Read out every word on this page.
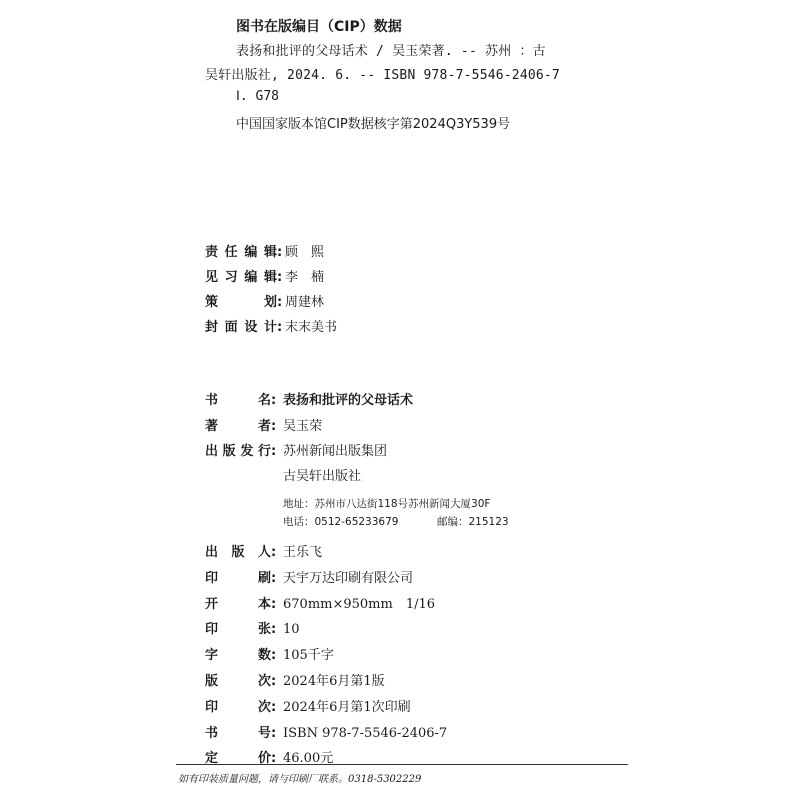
图书在版编目（CIP）数据
表扬和批评的父母话术 / 吴玉荣著. -- 苏州 ：古
吴轩出版社, 2024. 6. -- ISBN 978-7-5546-2406-7
Ⅰ. G78
中国国家版本馆CIP数据核字第2024Q3Y539号
责任编辑: 顾　熙
见习编辑: 李　楠
策划: 周建林
封面设计: 末末美书
书名: 表扬和批评的父母话术
著者: 吴玉荣
出版发行: 苏州新闻出版集团
古吴轩出版社
地址：苏州市八达街118号苏州新闻大厦30F
电话：0512-65233679	邮编：215123
出版人: 王乐飞
印刷: 天宇万达印刷有限公司
开本: 670mm×950mm　1/16
印张: 10
字数: 105千字
版次: 2024年6月第1版
印次: 2024年6月第1次印刷
书号: ISBN 978-7-5546-2406-7
定价: 46.00元
如有印装质量问题，请与印刷厂联系。0318-5302229
